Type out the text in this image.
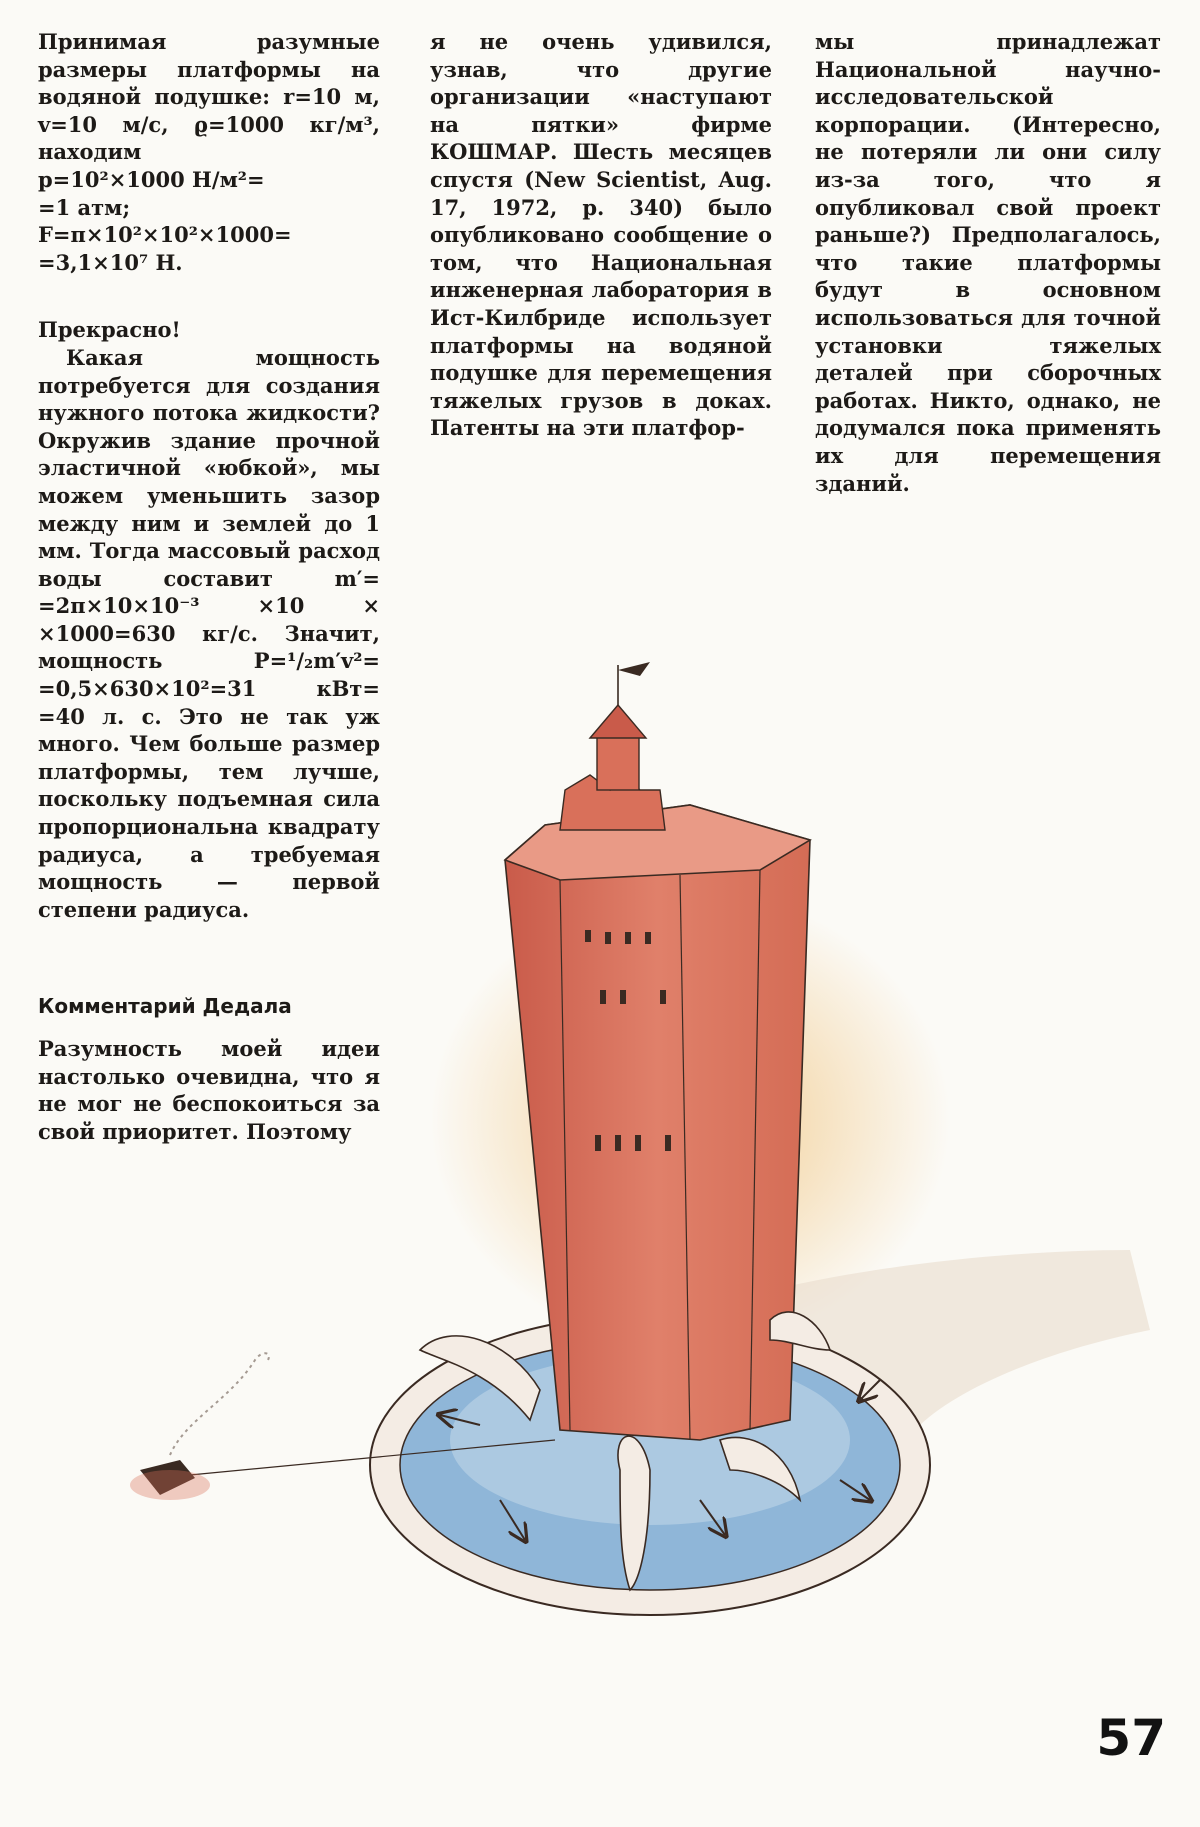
Принимая разумные размеры платформы на водяной подушке: r=10 м, v=10 м/с, ϱ=1000 кг/м³, находим

p=10²×1000 Н/м²=

=1 атм;

F=π×10²×10²×1000=

=3,1×10⁷ Н.

Прекрасно!

Какая мощность потребуется для создания нужного потока жидкости? Окружив здание прочной эластичной «юбкой», мы можем уменьшить зазор между ним и землей до 1 мм. Тогда массовый расход воды составит m′= =2π×10×10⁻³ ×10 × ×1000=630 кг/с. Значит, мощность P=¹/₂m′v²= =0,5×630×10²=31 кВт= =40 л. с. Это не так уж много. Чем больше размер платформы, тем лучше, поскольку подъемная сила пропорциональна квадрату радиуса, а требуемая мощность — первой степени радиуса.

Комментарий Дедала

Разумность моей идеи настолько очевидна, что я не мог не беспокоиться за свой приоритет. Поэтому

я не очень удивился, узнав, что другие организации «наступают на пятки» фирме КОШМАР. Шесть месяцев спустя (New Scientist, Aug. 17, 1972, p. 340) было опубликовано сообщение о том, что Национальная инженерная лаборатория в Ист-Килбриде использует платформы на водяной подушке для перемещения тяжелых грузов в доках. Патенты на эти платфор-

мы принадлежат Национальной научно-исследовательской корпорации. (Интересно, не потеряли ли они силу из-за того, что я опубликовал свой проект раньше?) Предполагалось, что такие платформы будут в основном использоваться для точной установки тяжелых деталей при сборочных работах. Никто, однако, не додумался пока применять их для перемещения зданий.

57
